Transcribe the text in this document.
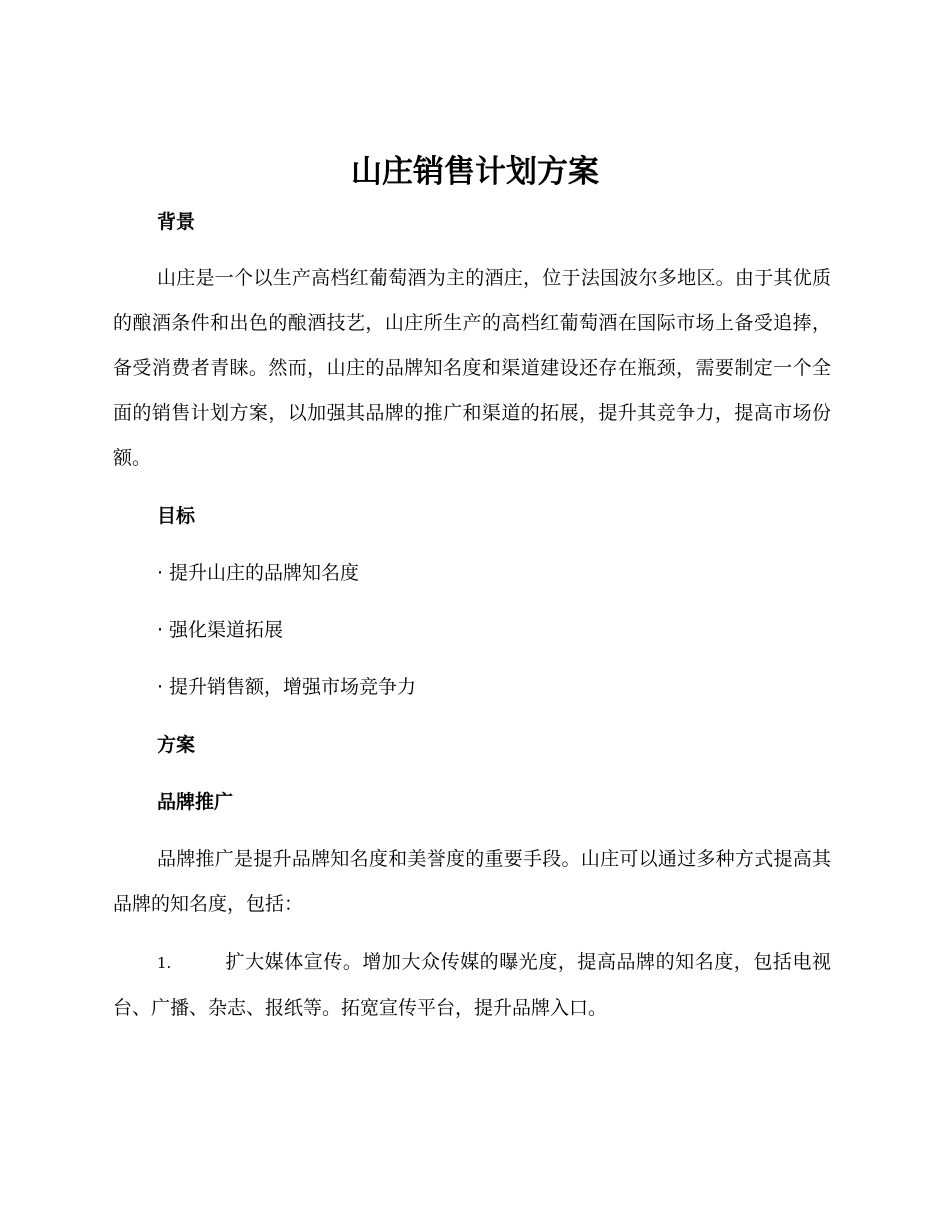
山庄销售计划方案
背景

山庄是一个以生产高档红葡萄酒为主的酒庄，位于法国波尔多地区。由于其优质的酿酒条件和出色的酿酒技艺，山庄所生产的高档红葡萄酒在国际市场上备受追捧，备受消费者青睐。然而，山庄的品牌知名度和渠道建设还存在瓶颈，需要制定一个全面的销售计划方案，以加强其品牌的推广和渠道的拓展，提升其竞争力，提高市场份额。

目标
· 提升山庄的品牌知名度
· 强化渠道拓展
· 提升销售额，增强市场竞争力
方案
品牌推广

品牌推广是提升品牌知名度和美誉度的重要手段。山庄可以通过多种方式提高其品牌的知名度，包括：

1.	扩大媒体宣传。增加大众传媒的曝光度，提高品牌的知名度，包括电视台、广播、杂志、报纸等。拓宽宣传平台，提升品牌入口。
